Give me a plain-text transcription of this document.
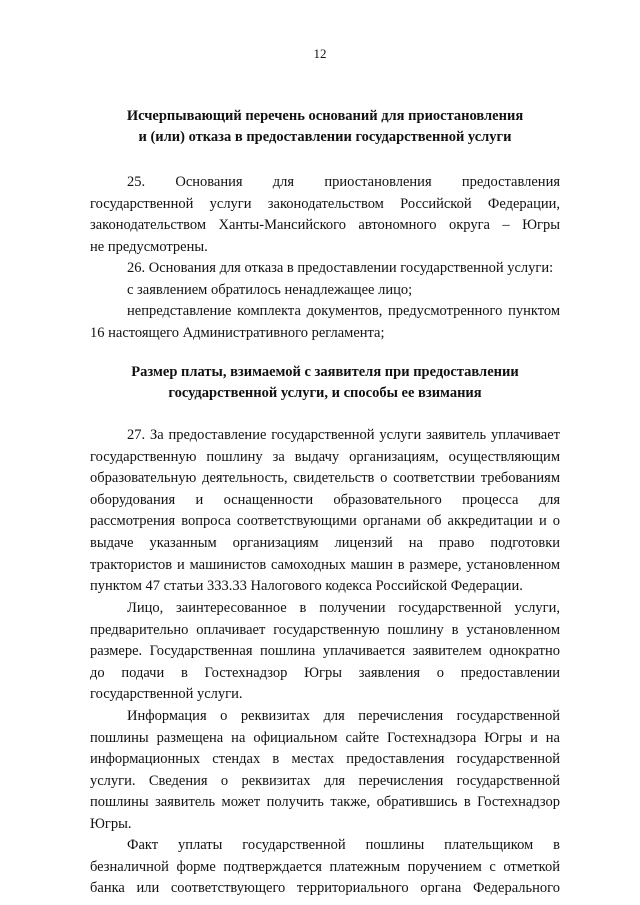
12
Исчерпывающий перечень оснований для приостановления
и (или) отказа в предоставлении государственной услуги
25. Основания для приостановления предоставления
государственной услуги законодательством Российской Федерации,
законодательством Ханты-Мансийского автономного округа – Югры
не предусмотрены.
26. Основания для отказа в предоставлении государственной услуги:
с заявлением обратилось ненадлежащее лицо;
непредставление комплекта документов, предусмотренного пунктом
16 настоящего Административного регламента;
Размер платы, взимаемой с заявителя при предоставлении
государственной услуги, и способы ее взимания
27. За предоставление государственной услуги заявитель уплачивает
государственную пошлину за выдачу организациям, осуществляющим
образовательную деятельность, свидетельств о соответствии требованиям
оборудования и оснащенности образовательного процесса для
рассмотрения вопроса соответствующими органами об аккредитации и о
выдаче указанным организациям лицензий на право подготовки
трактористов и машинистов самоходных машин в размере, установленном
пунктом 47 статьи 333.33 Налогового кодекса Российской Федерации.
Лицо, заинтересованное в получении государственной услуги,
предварительно оплачивает государственную пошлину в установленном
размере. Государственная пошлина уплачивается заявителем однократно
до подачи в Гостехнадзор Югры заявления о предоставлении
государственной услуги.
Информация о реквизитах для перечисления государственной
пошлины размещена на официальном сайте Гостехнадзора Югры и на
информационных стендах в местах предоставления государственной
услуги. Сведения о реквизитах для перечисления государственной
пошлины заявитель может получить также, обратившись в Гостехнадзор
Югры.
Факт уплаты государственной пошлины плательщиком в
безналичной форме подтверждается платежным поручением с отметкой
банка или соответствующего территориального органа Федерального
